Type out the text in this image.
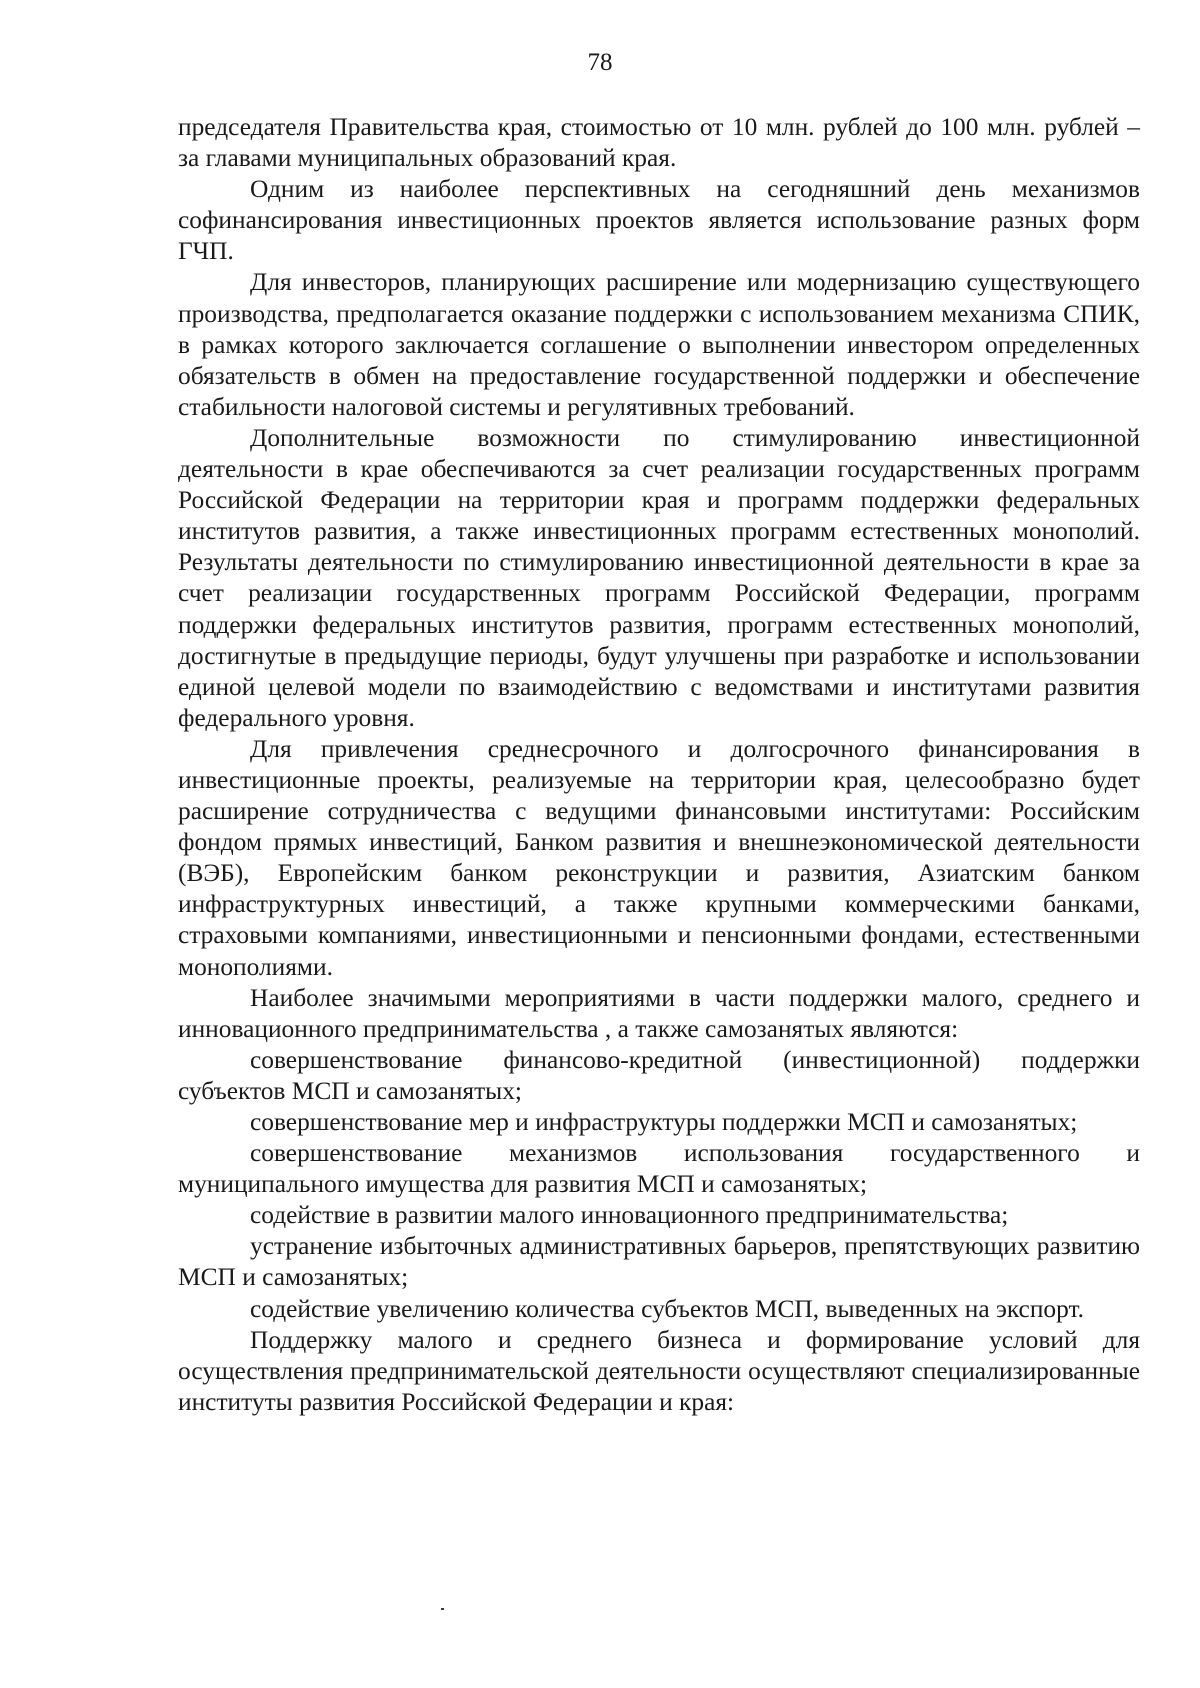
78

председателя Правительства края, стоимостью от 10 млн. рублей до 100 млн. рублей – за главами муниципальных образований края.

Одним из наиболее перспективных на сегодняшний день механизмов софинансирования инвестиционных проектов является использование разных форм ГЧП.

Для инвесторов, планирующих расширение или модернизацию существующего производства, предполагается оказание поддержки с использованием механизма СПИК, в рамках которого заключается соглашение о выполнении инвестором определенных обязательств в обмен на предоставление государственной поддержки и обеспечение стабильности налоговой системы и регулятивных требований.

Дополнительные возможности по стимулированию инвестиционной деятельности в крае обеспечиваются за счет реализации государственных программ Российской Федерации на территории края и программ поддержки федеральных институтов развития, а также инвестиционных программ естественных монополий. Результаты деятельности по стимулированию инвестиционной деятельности в крае за счет реализации государственных программ Российской Федерации, программ поддержки федеральных институтов развития, программ естественных монополий, достигнутые в предыдущие периоды, будут улучшены при разработке и использовании единой целевой модели по взаимодействию с ведомствами и институтами развития федерального уровня.

Для привлечения среднесрочного и долгосрочного финансирования в инвестиционные проекты, реализуемые на территории края, целесообразно будет расширение сотрудничества с ведущими финансовыми институтами: Российским фондом прямых инвестиций, Банком развития и внешнеэкономической деятельности (ВЭБ), Европейским банком реконструкции и развития, Азиатским банком инфраструктурных инвестиций, а также крупными коммерческими банками, страховыми компаниями, инвестиционными и пенсионными фондами, естественными монополиями.

Наиболее значимыми мероприятиями в части поддержки малого, среднего и инновационного предпринимательства , а также самозанятых являются:

совершенствование финансово-кредитной (инвестиционной) поддержки субъектов МСП и самозанятых;

совершенствование мер и инфраструктуры поддержки МСП и самозанятых;

совершенствование механизмов использования государственного и муниципального имущества для развития МСП и самозанятых;

содействие в развитии малого инновационного предпринимательства;

устранение избыточных административных барьеров, препятствующих развитию МСП и самозанятых;

содействие увеличению количества субъектов МСП, выведенных на экспорт.

Поддержку малого и среднего бизнеса и формирование условий для осуществления предпринимательской деятельности осуществляют специализированные институты развития Российской Федерации и края:
